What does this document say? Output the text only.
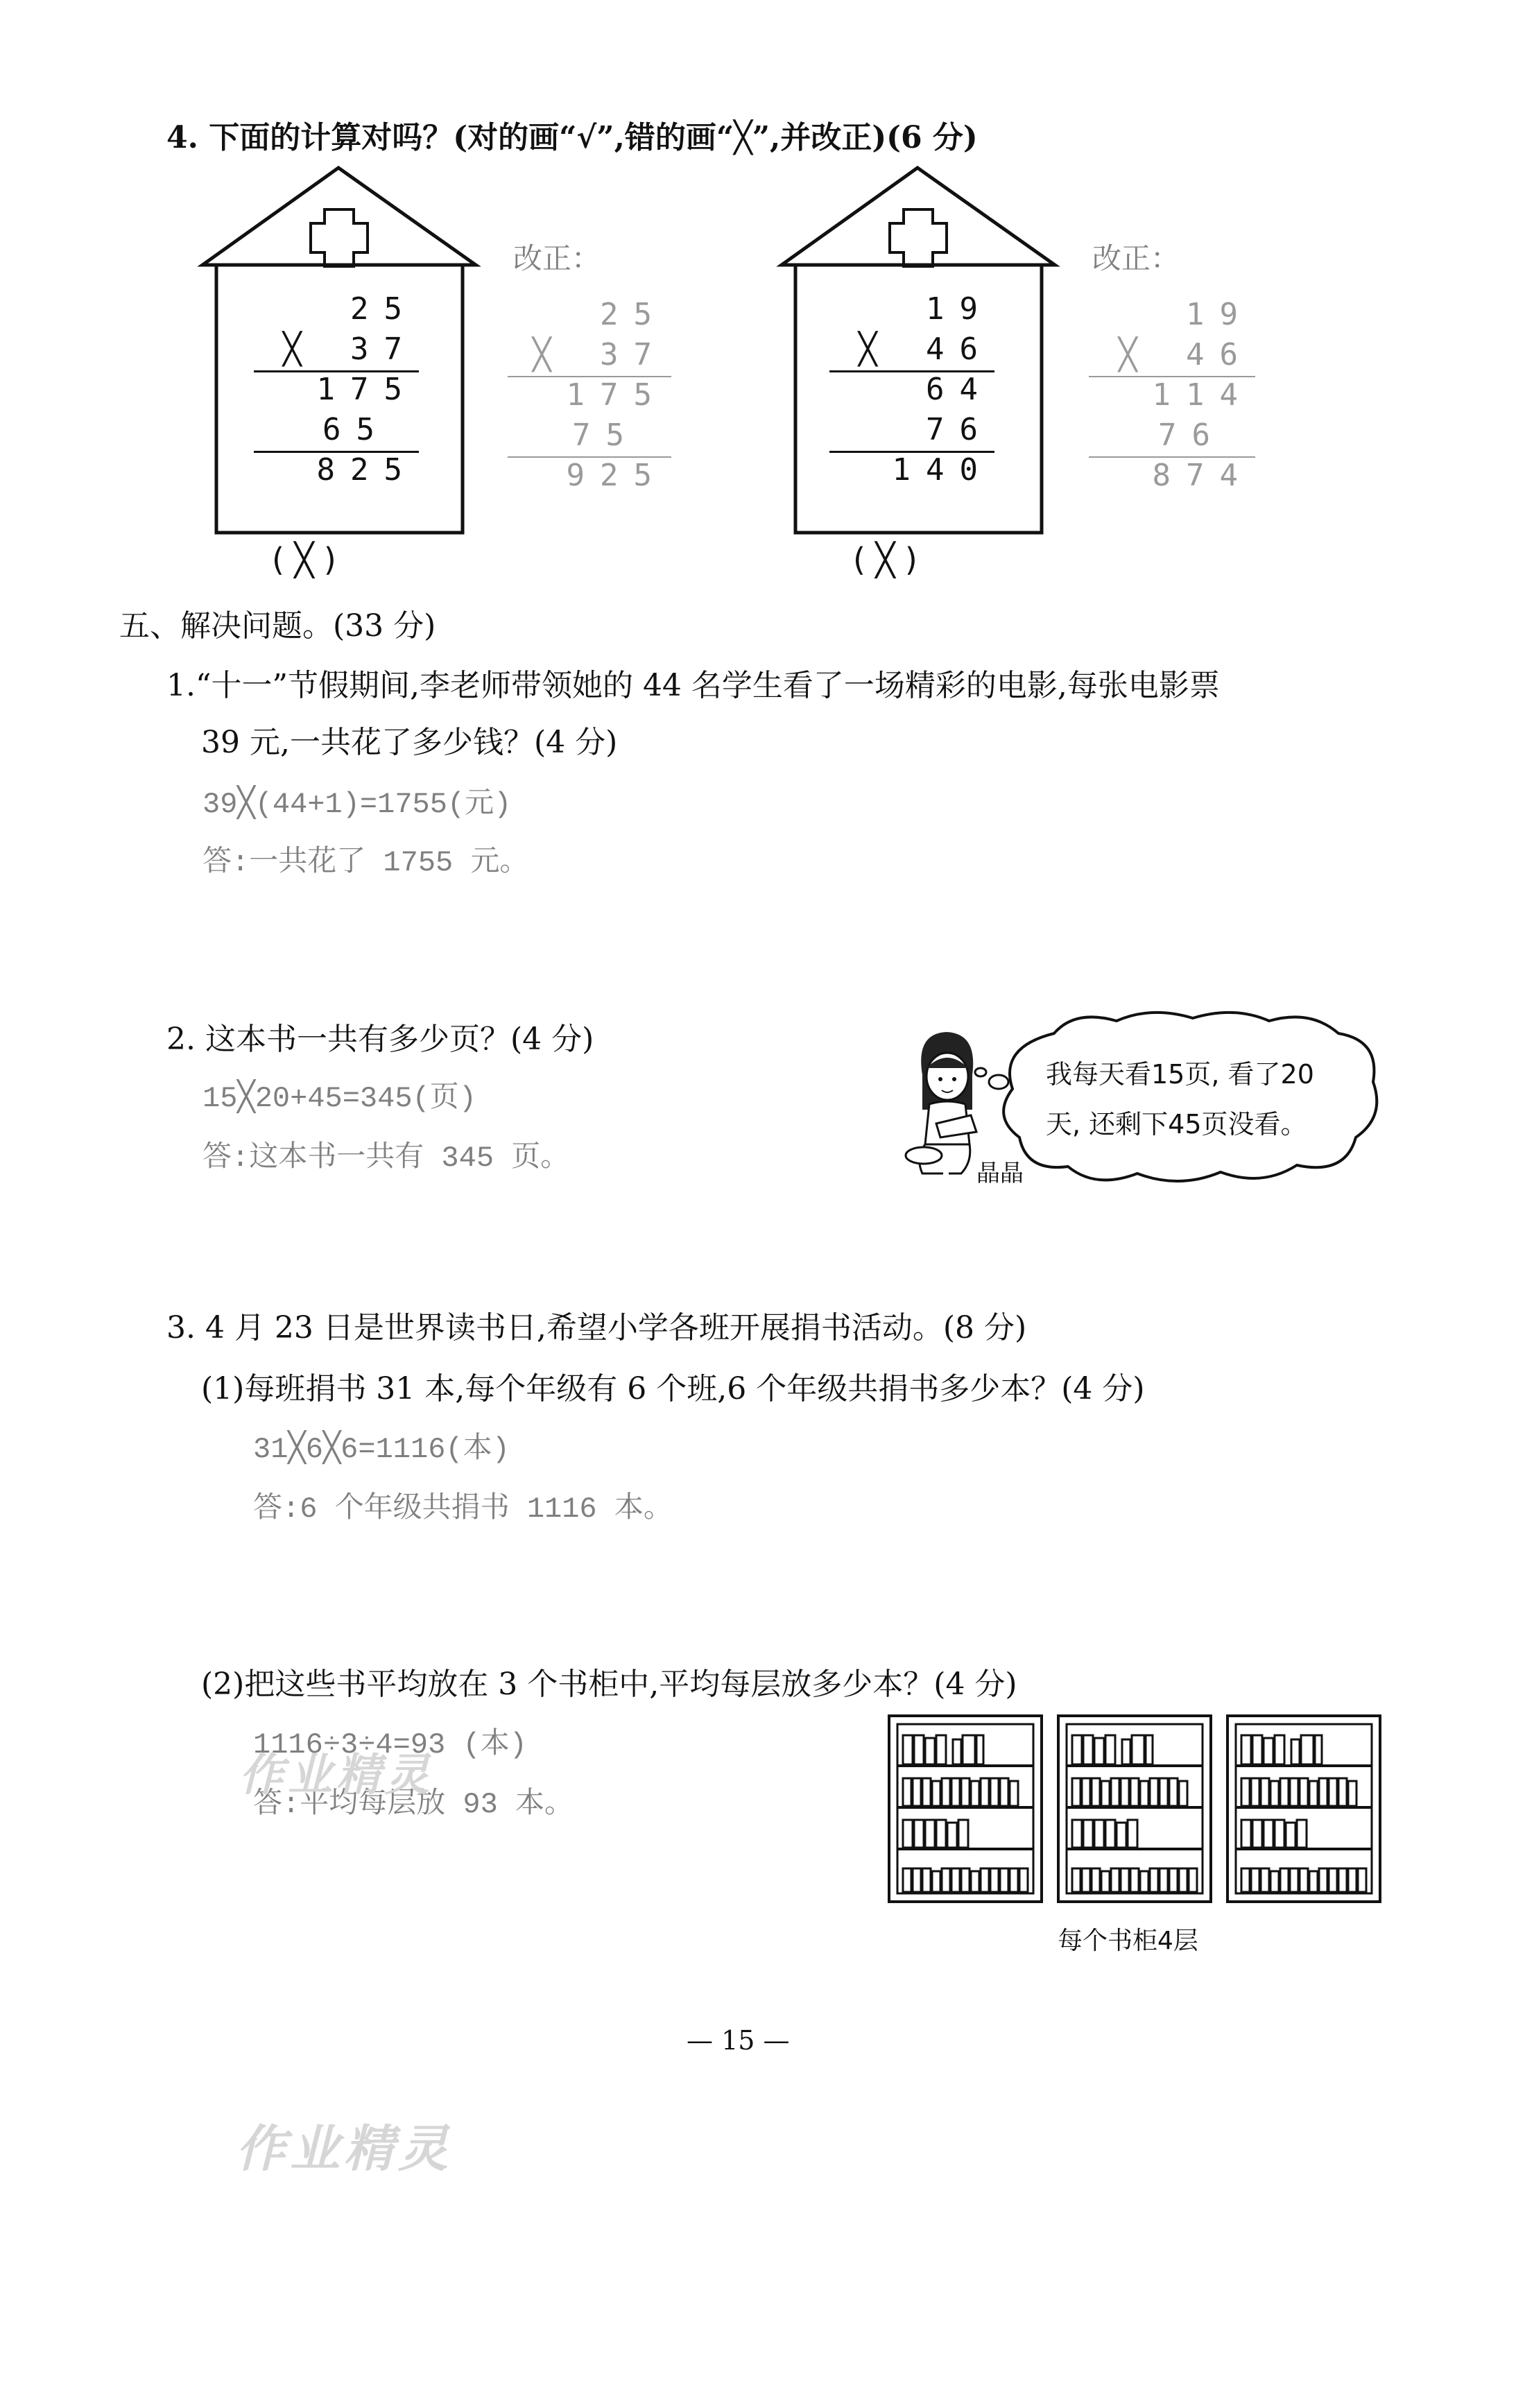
4. 下面的计算对吗？(对的画“√”,错的画“╳”,并改正)(6 分)
25
╳ 37
175
65
825
( ╳ )
改正：
25
╳ 37
175
75
925
19
╳ 46
64
76
140
( ╳ )
改正：
19
╳ 46
114
76
874
五、解决问题。(33 分)
1.“十一”节假期间,李老师带领她的 44 名学生看了一场精彩的电影,每张电影票
39 元,一共花了多少钱？(4 分)
39╳(44+1)=1755(元)
答:一共花了 1755 元。
2. 这本书一共有多少页？(4 分)
15╳20+45=345(页)
答:这本书一共有 345 页。	晶晶
我每天看15页, 看了20
天, 还剩下45页没看。
3. 4 月 23 日是世界读书日,希望小学各班开展捐书活动。(8 分)
(1)每班捐书 31 本,每个年级有 6 个班,6 个年级共捐书多少本？(4 分)
31╳6╳6=1116(本)
答:6 个年级共捐书 1116 本。
(2)把这些书平均放在 3 个书柜中,平均每层放多少本？(4 分)
1116÷3÷4=93 (本)
答:平均每层放 93 本。
作业精灵
每个书柜4层
— 15 —
作业精灵
